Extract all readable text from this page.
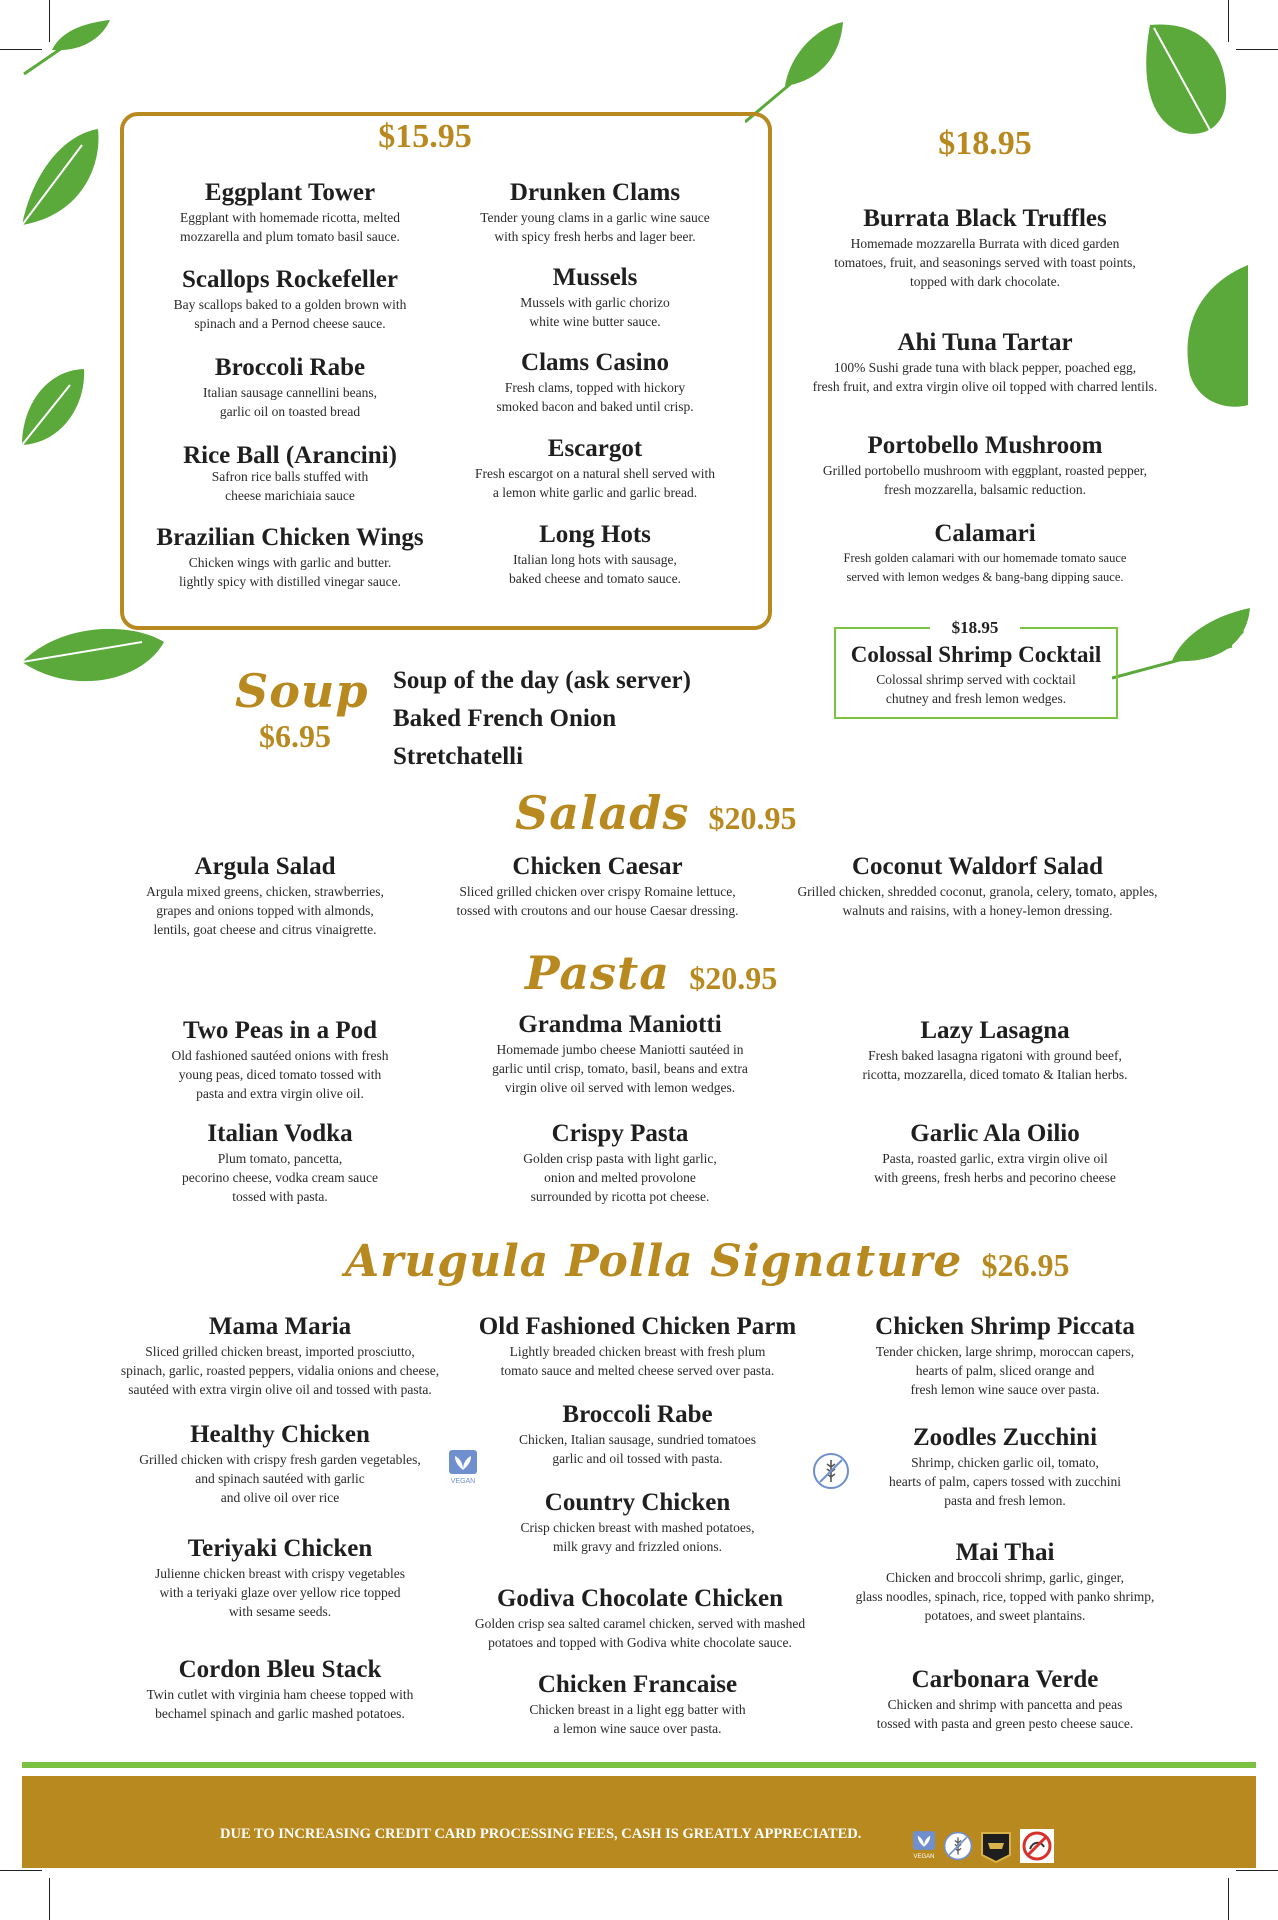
$15.95
Eggplant Tower
Eggplant with homemade ricotta, melted
mozzarella and plum tomato basil sauce.
Scallops Rockefeller
Bay scallops baked to a golden brown with
spinach and a Pernod cheese sauce.
Broccoli Rabe
Italian sausage cannellini beans,
garlic oil on toasted bread
Rice Ball (Arancini)
Safron rice balls stuffed with
cheese marichiaia sauce
Brazilian Chicken Wings
Chicken wings with garlic and butter.
lightly spicy with distilled vinegar sauce.
Drunken Clams
Tender young clams in a garlic wine sauce
with spicy fresh herbs and lager beer.
Mussels
Mussels with garlic chorizo
white wine butter sauce.
Clams Casino
Fresh clams, topped with hickory
smoked bacon and baked until crisp.
Escargot
Fresh escargot on a natural shell served with
a lemon white garlic and garlic bread.
Long Hots
Italian long hots with sausage,
baked cheese and tomato sauce.
$18.95
Burrata Black Truffles
Homemade mozzarella Burrata with diced garden
tomatoes, fruit, and seasonings served with toast points,
topped with dark chocolate.
Ahi Tuna Tartar
100% Sushi grade tuna with black pepper, poached egg,
fresh fruit, and extra virgin olive oil topped with charred lentils.
Portobello Mushroom
Grilled portobello mushroom with eggplant, roasted pepper,
fresh mozzarella, balsamic reduction.
Calamari
Fresh golden calamari with our homemade tomato sauce
served with lemon wedges & bang-bang dipping sauce.
$18.95
Colossal Shrimp Cocktail
Colossal shrimp served with cocktail
chutney and fresh lemon wedges.
Soup
$6.95
Soup of the day (ask server)
Baked French Onion
Stretchatelli
Salads $20.95
Argula Salad
Argula mixed greens, chicken, strawberries,
grapes and onions topped with almonds,
lentils, goat cheese and citrus vinaigrette.
Chicken Caesar
Sliced grilled chicken over crispy Romaine lettuce,
tossed with croutons and our house Caesar dressing.
Coconut Waldorf Salad
Grilled chicken, shredded coconut, granola, celery, tomato, apples,
walnuts and raisins, with a honey-lemon dressing.
Pasta $20.95
Two Peas in a Pod
Old fashioned sautéed onions with fresh
young peas, diced tomato tossed with
pasta and extra virgin olive oil.
Grandma Maniotti
Homemade jumbo cheese Maniotti sautéed in
garlic until crisp, tomato, basil, beans and extra
virgin olive oil served with lemon wedges.
Lazy Lasagna
Fresh baked lasagna rigatoni with ground beef,
ricotta, mozzarella, diced tomato & Italian herbs.
Italian Vodka
Plum tomato, pancetta,
pecorino cheese, vodka cream sauce
tossed with pasta.
Crispy Pasta
Golden crisp pasta with light garlic,
onion and melted provolone
surrounded by ricotta pot cheese.
Garlic Ala Oilio
Pasta, roasted garlic, extra virgin olive oil
with greens, fresh herbs and pecorino cheese
Arugula Polla Signature $26.95
Mama Maria
Sliced grilled chicken breast, imported prosciutto,
spinach, garlic, roasted peppers, vidalia onions and cheese,
sautéed with extra virgin olive oil and tossed with pasta.
Healthy Chicken
Grilled chicken with crispy fresh garden vegetables,
and spinach sautéed with garlic
and olive oil over rice
Teriyaki Chicken
Julienne chicken breast with crispy vegetables
with a teriyaki glaze over yellow rice topped
with sesame seeds.
Cordon Bleu Stack
Twin cutlet with virginia ham cheese topped with
bechamel spinach and garlic mashed potatoes.
Old Fashioned Chicken Parm
Lightly breaded chicken breast with fresh plum
tomato sauce and melted cheese served over pasta.
Broccoli Rabe
Chicken, Italian sausage, sundried tomatoes
garlic and oil tossed with pasta.
Country Chicken
Crisp chicken breast with mashed potatoes,
milk gravy and frizzled onions.
Godiva Chocolate Chicken
Golden crisp sea salted caramel chicken, served with mashed
potatoes and topped with Godiva white chocolate sauce.
Chicken Francaise
Chicken breast in a light egg batter with
a lemon wine sauce over pasta.
Chicken Shrimp Piccata
Tender chicken, large shrimp, moroccan capers,
hearts of palm, sliced orange and
fresh lemon wine sauce over pasta.
Zoodles Zucchini
Shrimp, chicken garlic oil, tomato,
hearts of palm, capers tossed with zucchini
pasta and fresh lemon.
Mai Thai
Chicken and broccoli shrimp, garlic, ginger,
glass noodles, spinach, rice, topped with panko shrimp,
potatoes, and sweet plantains.
Carbonara Verde
Chicken and shrimp with pancetta and peas
tossed with pasta and green pesto cheese sauce.
VEGAN
DUE TO INCREASING CREDIT CARD PROCESSING FEES, CASH IS GREATLY APPRECIATED.
VEGAN
